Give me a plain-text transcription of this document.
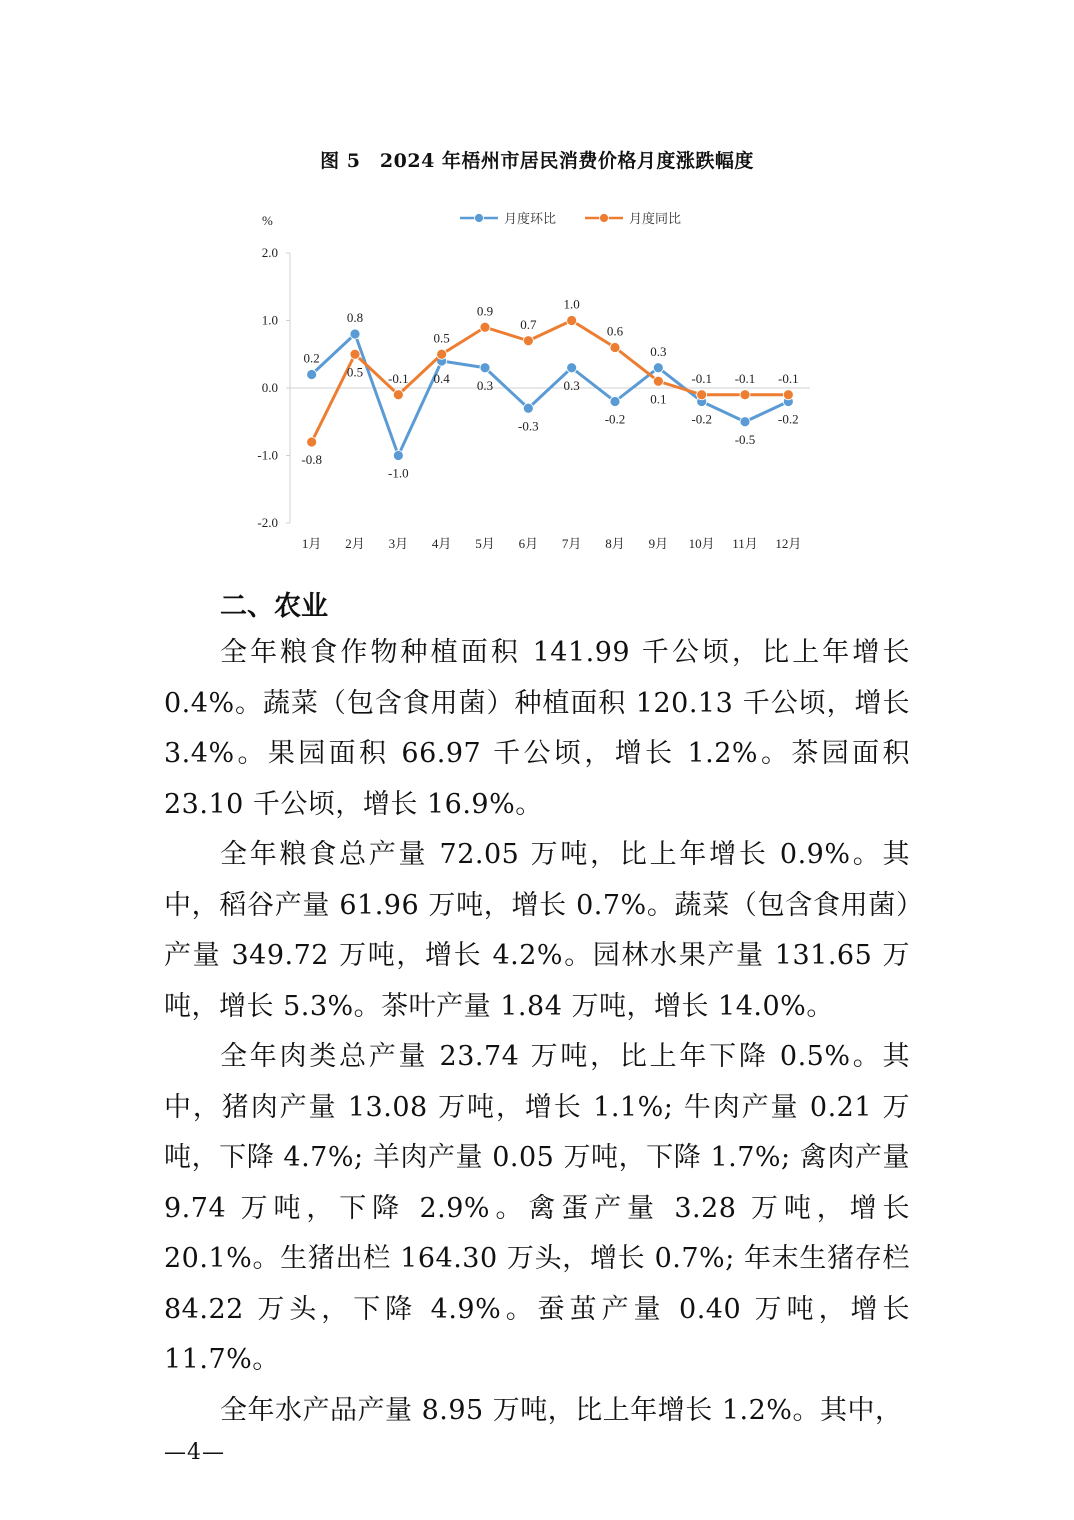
图 5　2024 年梧州市居民消费价格月度涨跌幅度
月度环比	月度同比
%
2.0
1.0
0.0
-1.0
-2.0
1月 2月 3月 4月 5月 6月 7月 8月 9月 10月 11月 12月
0.2
-0.8
0.8
0.5
-1.0
-0.1 0.4
0.5
0.3
0.9
-0.3
0.7
0.3
1.0
-0.2
0.6
0.3
0.1
-0.2
-0.1
-0.5
-0.1
-0.2
-0.1
二、农业

全年粮食作物种植面积 141.99 千公顷，比上年增长 0.4%。蔬菜（包含食用菌）种植面积 120.13 千公顷，增长 3.4%。果园面积 66.97 千公顷，增长 1.2%。茶园面积 23.10 千公顷，增长 16.9%。

全年粮食总产量 72.05 万吨，比上年增长 0.9%。其中，稻谷产量 61.96 万吨，增长 0.7%。蔬菜（包含食用菌）产量 349.72 万吨，增长 4.2%。园林水果产量 131.65 万吨，增长 5.3%。茶叶产量 1.84 万吨，增长 14.0%。

全年肉类总产量 23.74 万吨，比上年下降 0.5%。其中，猪肉产量 13.08 万吨，增长 1.1%; 牛肉产量 0.21 万吨，下降 4.7%; 羊肉产量 0.05 万吨，下降 1.7%; 禽肉产量 9.74 万吨，下降 2.9%。禽蛋产量 3.28 万吨，增长 20.1%。生猪出栏 164.30 万头，增长 0.7%; 年末生猪存栏 84.22 万头，下降 4.9%。蚕茧产量 0.40 万吨，增长 11.7%。

全年水产品产量 8.95 万吨，比上年增长 1.2%。其中，

—4—
